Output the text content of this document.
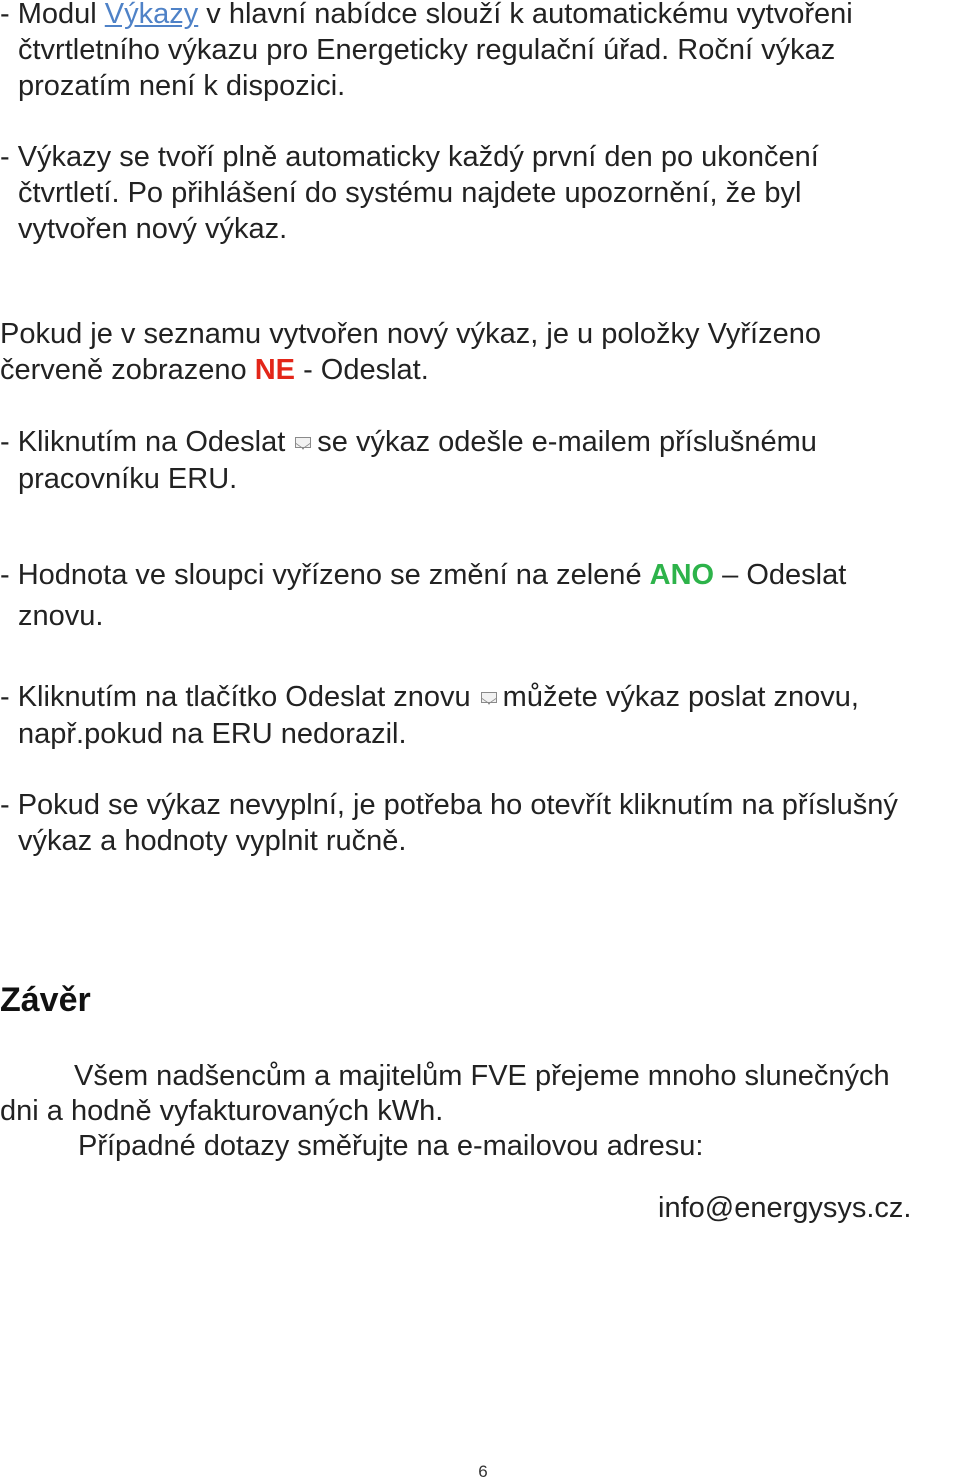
- Modul Výkazy v hlavní nabídce slouží k automatickému vytvořeni
čtvrtletního výkazu pro Energeticky regulační úřad. Roční výkaz
prozatím není k dispozici.
- Výkazy se tvoří plně automaticky každý první den po ukončení
čtvrtletí. Po přihlášení do systému najdete upozornění, že byl
vytvořen nový výkaz.
Pokud je v seznamu vytvořen nový výkaz, je u položky Vyřízeno
červeně zobrazeno NE - Odeslat.
- Kliknutím na Odeslat se výkaz odešle e-mailem příslušnému
pracovníku ERU.
- Hodnota ve sloupci vyřízeno se změní na zelené ANO – Odeslat
znovu.
- Kliknutím na tlačítko Odeslat znovu můžete výkaz poslat znovu,
např.pokud na ERU nedorazil.
- Pokud se výkaz nevyplní, je potřeba ho otevřít kliknutím na příslušný
výkaz a hodnoty vyplnit ručně.
Závěr
Všem nadšencům a majitelům FVE přejeme mnoho slunečných
dni a hodně vyfakturovaných kWh.
Případné dotazy směřujte na e-mailovou adresu:
info@energysys.cz.
6
